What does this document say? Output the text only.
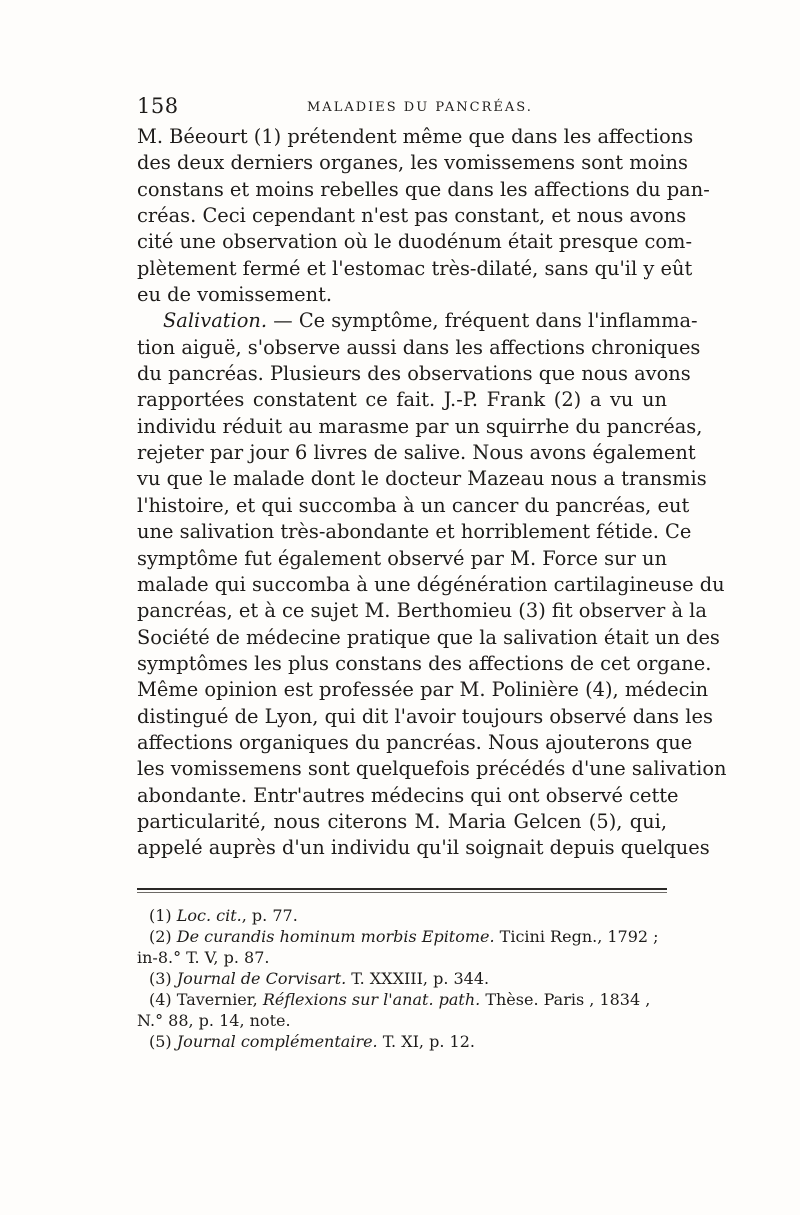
158	MALADIES DU PANCRÉAS.
M. Béeourt (1) prétendent même que dans les affections
des deux derniers organes, les vomissemens sont moins
constans et moins rebelles que dans les affections du pan-
créas. Ceci cependant n'est pas constant, et nous avons
cité une observation où le duodénum était presque com-
plètement fermé et l'estomac très-dilaté, sans qu'il y eût
eu de vomissement.
Salivation. — Ce symptôme, fréquent dans l'inflamma-
tion aiguë, s'observe aussi dans les affections chroniques
du pancréas. Plusieurs des observations que nous avons
rapportées constatent ce fait. J.-P. Frank (2) a vu un
individu réduit au marasme par un squirrhe du pancréas,
rejeter par jour 6 livres de salive. Nous avons également
vu que le malade dont le docteur Mazeau nous a transmis
l'histoire, et qui succomba à un cancer du pancréas, eut
une salivation très-abondante et horriblement fétide. Ce
symptôme fut également observé par M. Force sur un
malade qui succomba à une dégénération cartilagineuse du
pancréas, et à ce sujet M. Berthomieu (3) fit observer à la
Société de médecine pratique que la salivation était un des
symptômes les plus constans des affections de cet organe.
Même opinion est professée par M. Polinière (4), médecin
distingué de Lyon, qui dit l'avoir toujours observé dans les
affections organiques du pancréas. Nous ajouterons que
les vomissemens sont quelquefois précédés d'une salivation
abondante. Entr'autres médecins qui ont observé cette
particularité, nous citerons M. Maria Gelcen (5), qui,
appelé auprès d'un individu qu'il soignait depuis quelques
(1) Loc. cit., p. 77.
(2) De curandis hominum morbis Epitome. Ticini Regn., 1792 ;
in-8.° T. V, p. 87.
(3) Journal de Corvisart. T. XXXIII, p. 344.
(4) Tavernier, Réflexions sur l'anat. path. Thèse. Paris , 1834 ,
N.° 88, p. 14, note.
(5) Journal complémentaire. T. XI, p. 12.
